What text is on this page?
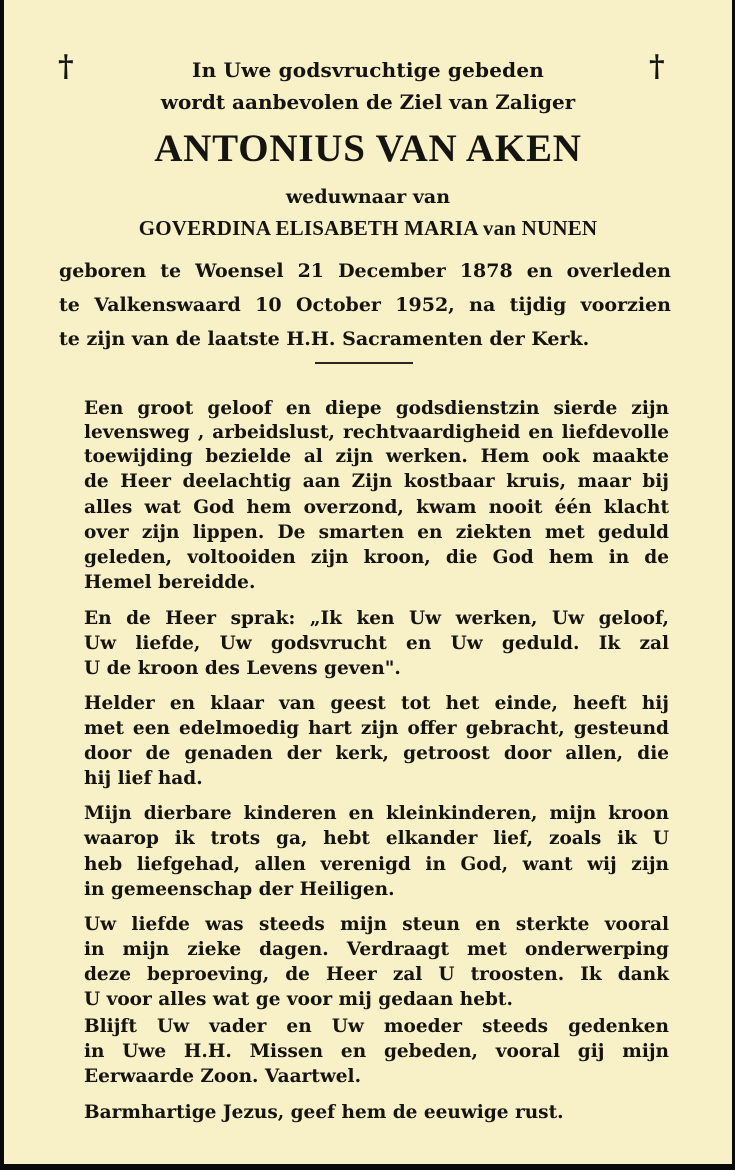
†	†
In Uwe godsvruchtige gebeden
wordt aanbevolen de Ziel van Zaliger
ANTONIUS VAN AKEN
weduwnaar van
GOVERDINA ELISABETH MARIA van NUNEN
geboren te Woensel 21 December 1878 en overleden
te Valkenswaard 10 October 1952, na tijdig voorzien
te zijn van de laatste H.H. Sacramenten der Kerk.
Een groot geloof en diepe godsdienstzin sierde zijn
levensweg , arbeidslust, rechtvaardigheid en liefdevolle
toewijding bezielde al zijn werken. Hem ook maakte
de Heer deelachtig aan Zijn kostbaar kruis, maar bij
alles wat God hem overzond, kwam nooit één klacht
over zijn lippen. De smarten en ziekten met geduld
geleden, voltooiden zijn kroon, die God hem in de
Hemel bereidde.
En de Heer sprak: „Ik ken Uw werken, Uw geloof,
Uw liefde, Uw godsvrucht en Uw geduld. Ik zal
U de kroon des Levens geven".
Helder en klaar van geest tot het einde, heeft hij
met een edelmoedig hart zijn offer gebracht, gesteund
door de genaden der kerk, getroost door allen, die
hij lief had.
Mijn dierbare kinderen en kleinkinderen, mijn kroon
waarop ik trots ga, hebt elkander lief, zoals ik U
heb liefgehad, allen verenigd in God, want wij zijn
in gemeenschap der Heiligen.
Uw liefde was steeds mijn steun en sterkte vooral
in mijn zieke dagen. Verdraagt met onderwerping
deze beproeving, de Heer zal U troosten. Ik dank
U voor alles wat ge voor mij gedaan hebt.
Blijft Uw vader en Uw moeder steeds gedenken
in Uwe H.H. Missen en gebeden, vooral gij mijn
Eerwaarde Zoon. Vaartwel.
Barmhartige Jezus, geef hem de eeuwige rust.
